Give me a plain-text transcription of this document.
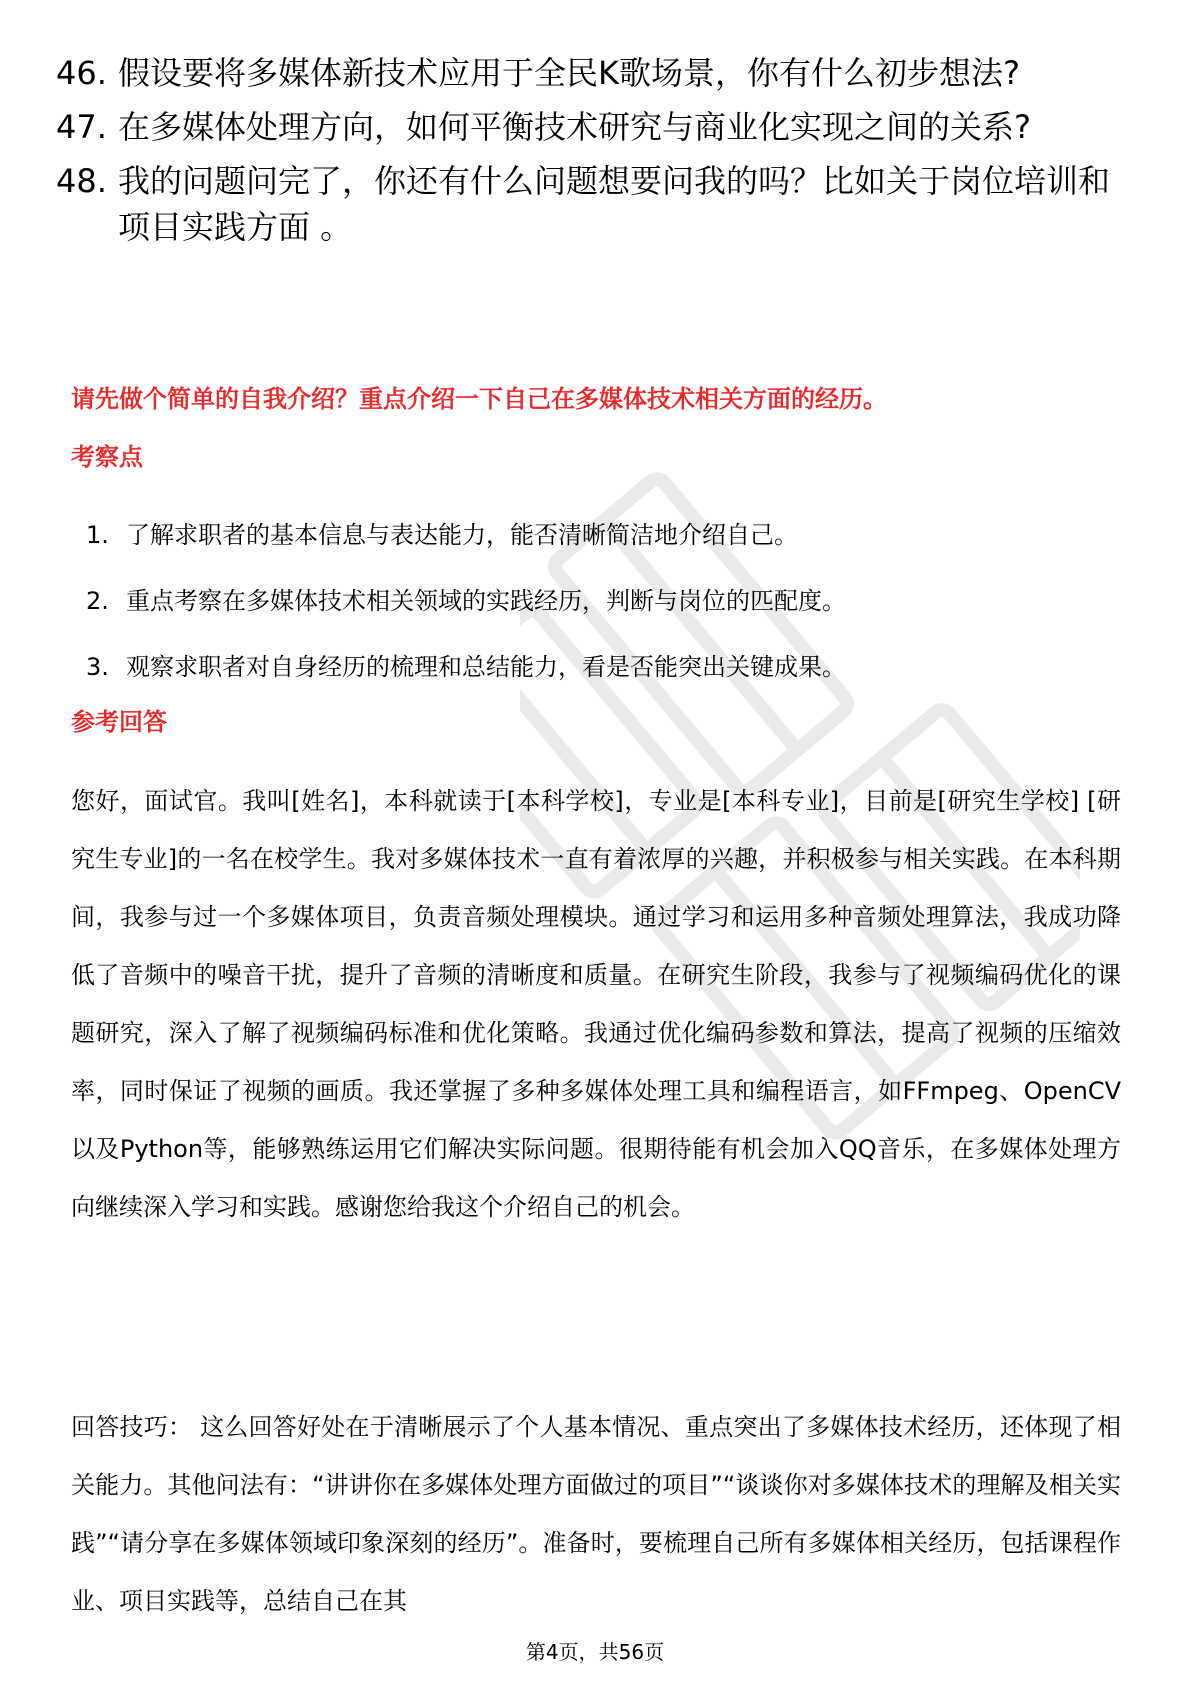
46. 假设要将多媒体新技术应用于全民K歌场景，你有什么初步想法?
47. 在多媒体处理方向，如何平衡技术研究与商业化实现之间的关系?
48. 我的问题问完了，你还有什么问题想要问我的吗？比如关于岗位培训和项目实践方面 。

请先做个简单的自我介绍？重点介绍一下自己在多媒体技术相关方面的经历。

考察点

1. 了解求职者的基本信息与表达能力，能否清晰简洁地介绍自己。
2. 重点考察在多媒体技术相关领域的实践经历，判断与岗位的匹配度。
3. 观察求职者对自身经历的梳理和总结能力，看是否能突出关键成果。

参考回答

您好，面试官。我叫[姓名]，本科就读于[本科学校]，专业是[本科专业]，目前是[研究生学校] [研究生专业]的一名在校学生。我对多媒体技术一直有着浓厚的兴趣，并积极参与相关实践。在本科期间，我参与过一个多媒体项目，负责音频处理模块。通过学习和运用多种音频处理算法，我成功降低了音频中的噪音干扰，提升了音频的清晰度和质量。在研究生阶段，我参与了视频编码优化的课题研究，深入了解了视频编码标准和优化策略。我通过优化编码参数和算法，提高了视频的压缩效率，同时保证了视频的画质。我还掌握了多种多媒体处理工具和编程语言，如FFmpeg、OpenCV以及Python等，能够熟练运用它们解决实际问题。很期待能有机会加入QQ音乐，在多媒体处理方向继续深入学习和实践。感谢您给我这个介绍自己的机会。

回答技巧： 这么回答好处在于清晰展示了个人基本情况、重点突出了多媒体技术经历，还体现了相关能力。其他问法有：“讲讲你在多媒体处理方面做过的项目”“谈谈你对多媒体技术的理解及相关实践”“请分享在多媒体领域印象深刻的经历”。准备时，要梳理自己所有多媒体相关经历，包括课程作业、项目实践等，总结自己在其

第4页，共56页
